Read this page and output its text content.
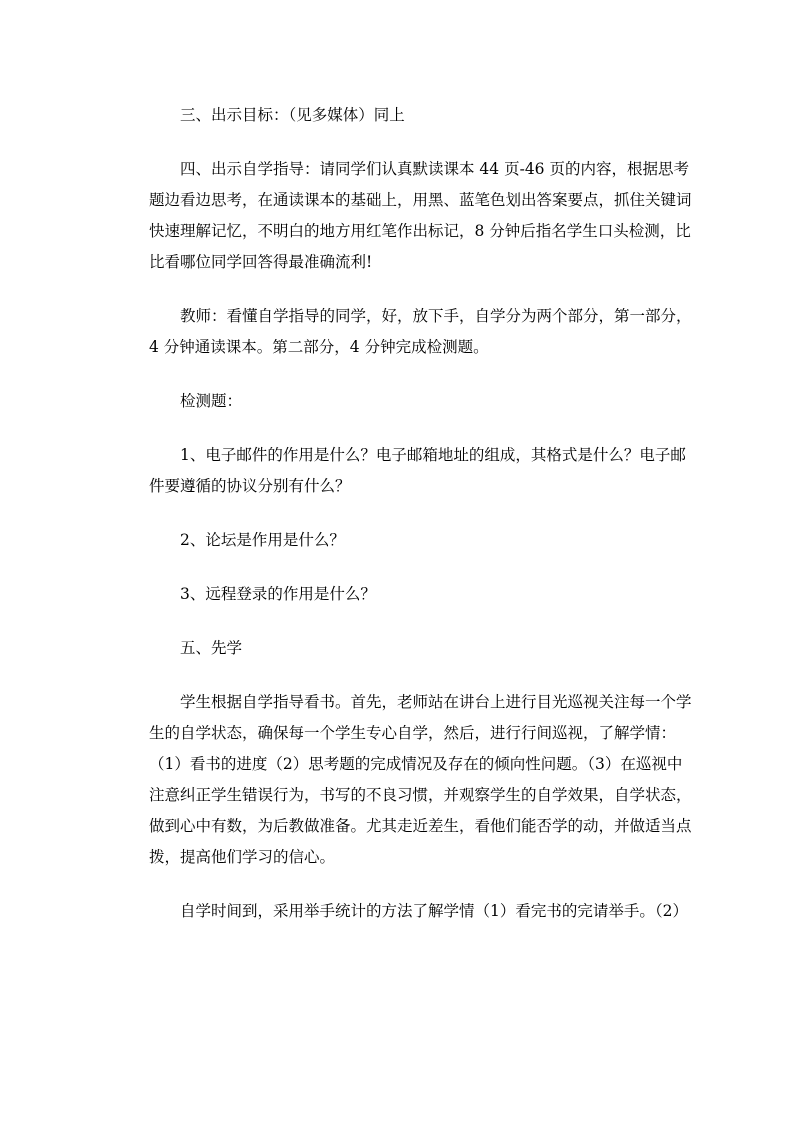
三、出示目标：（见多媒体）同上
四、出示自学指导：请同学们认真默读课本 44 页-46 页的内容，根据思考
题边看边思考，在通读课本的基础上，用黑、蓝笔色划出答案要点，抓住关键词
快速理解记忆，不明白的地方用红笔作出标记，8 分钟后指名学生口头检测，比
比看哪位同学回答得最准确流利!
教师：看懂自学指导的同学，好，放下手，自学分为两个部分，第一部分，
4 分钟通读课本。第二部分，4 分钟完成检测题。
检测题：
1、电子邮件的作用是什么？电子邮箱地址的组成，其格式是什么？电子邮
件要遵循的协议分别有什么？
2、论坛是作用是什么？
3、远程登录的作用是什么？
五、先学
学生根据自学指导看书。首先，老师站在讲台上进行目光巡视关注每一个学
生的自学状态，确保每一个学生专心自学，然后，进行行间巡视，了解学情：
（1）看书的进度（2）思考题的完成情况及存在的倾向性问题。（3）在巡视中
注意纠正学生错误行为，书写的不良习惯，并观察学生的自学效果，自学状态，
做到心中有数，为后教做准备。尤其走近差生，看他们能否学的动，并做适当点
拨，提高他们学习的信心。
自学时间到，采用举手统计的方法了解学情（1）看完书的完请举手。（2）
